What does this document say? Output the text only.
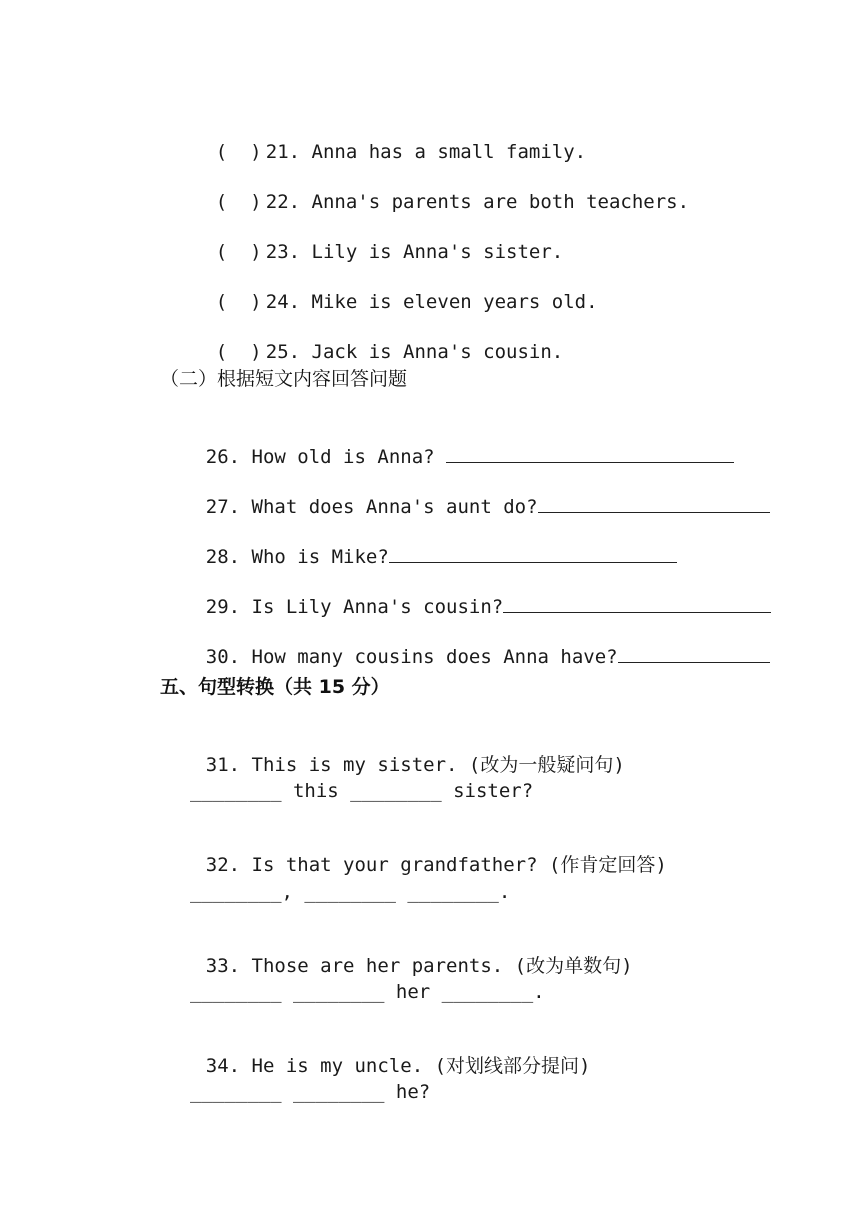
(  ) 21. Anna has a small family.

(  ) 22. Anna's parents are both teachers.

(  ) 23. Lily is Anna's sister.

(  ) 24. Mike is eleven years old.

(  ) 25. Jack is Anna's cousin.

（二）根据短文内容回答问题

26. How old is Anna?

27. What does Anna's aunt do?

28. Who is Mike?

29. Is Lily Anna's cousin?

30. How many cousins does Anna have?

五、句型转换（共 15 分）

31. This is my sister. (改为一般疑问句)

________ this ________ sister?

32. Is that your grandfather? (作肯定回答)

________, ________ ________.

33. Those are her parents. (改为单数句)

________ ________ her ________.

34. He is my uncle. (对划线部分提问)

________ ________ he?
